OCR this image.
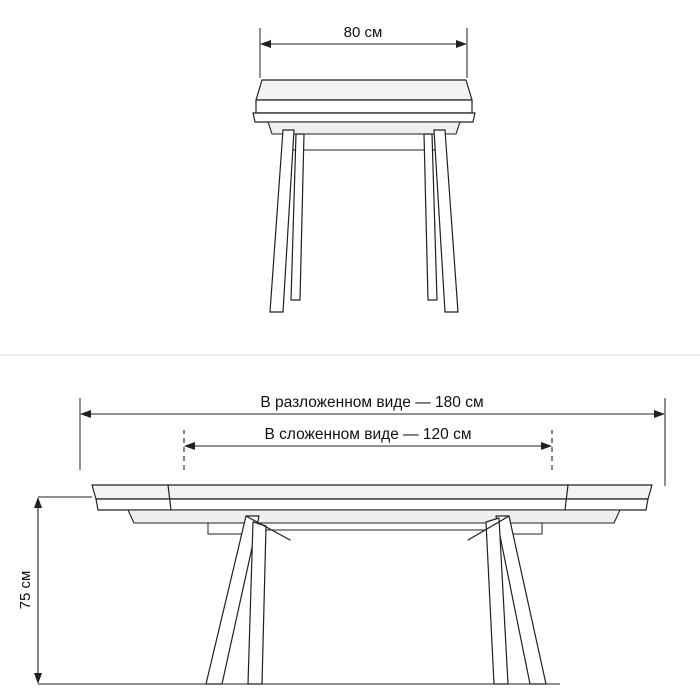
80 см
В разложенном виде — 180 см
В сложенном виде — 120 см
75 см
